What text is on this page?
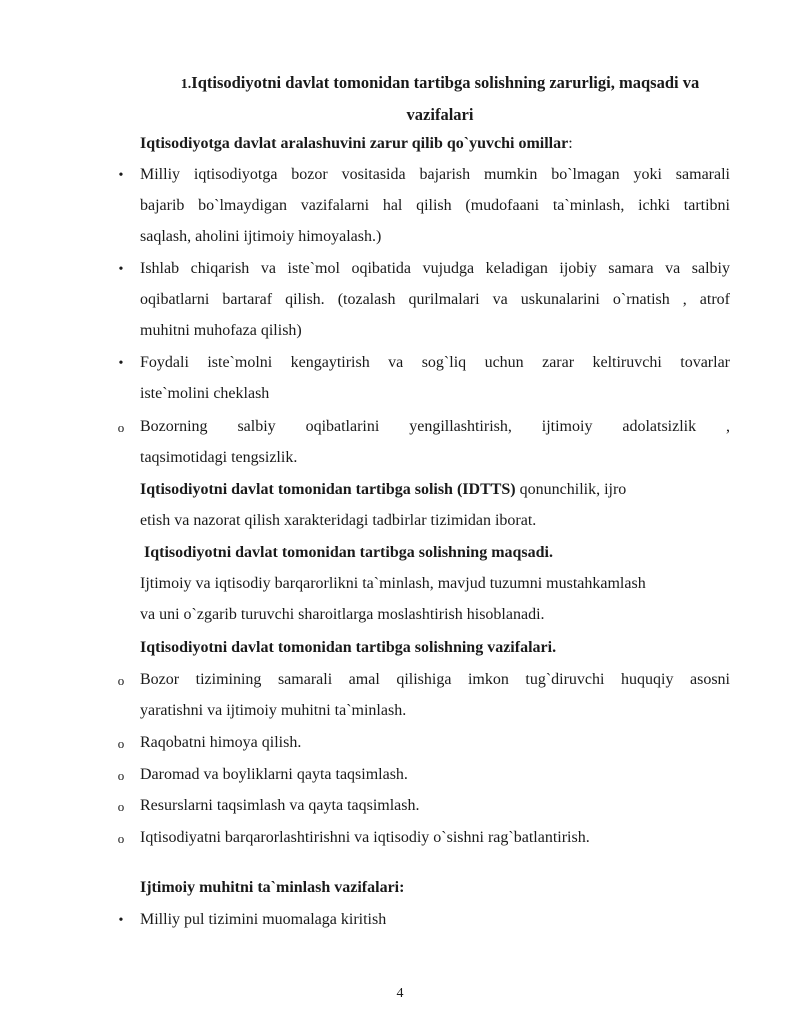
1.Iqtisodiyotni davlat tomonidan tartibga solishning zarurligi, maqsadi va
vazifalari
Iqtisodiyotga davlat aralashuvini zarur qilib qo`yuvchi omillar:
• Milliy iqtisodiyotga bozor vositasida bajarish mumkin bo`lmagan yoki samarali
bajarib bo`lmaydigan vazifalarni hal qilish (mudofaani ta`minlash, ichki tartibni
saqlash, aholini ijtimoiy himoyalash.)
• Ishlab chiqarish va iste`mol oqibatida vujudga keladigan ijobiy samara va salbiy
oqibatlarni bartaraf qilish. (tozalash qurilmalari va uskunalarini o`rnatish , atrof
muhitni muhofaza qilish)
• Foydali iste`molni kengaytirish va sog`liq uchun zarar keltiruvchi tovarlar
iste`molini cheklash
o Bozorning salbiy oqibatlarini yengillashtirish, ijtimoiy adolatsizlik ,
taqsimotidagi tengsizlik.
Iqtisodiyotni davlat tomonidan tartibga solish (IDTTS) qonunchilik, ijro
etish va nazorat qilish xarakteridagi tadbirlar tizimidan iborat.
Iqtisodiyotni davlat tomonidan tartibga solishning maqsadi.
Ijtimoiy va iqtisodiy barqarorlikni ta`minlash, mavjud tuzumni mustahkamlash
va uni o`zgarib turuvchi sharoitlarga moslashtirish hisoblanadi.
Iqtisodiyotni davlat tomonidan tartibga solishning vazifalari.
o Bozor tizimining samarali amal qilishiga imkon tug`diruvchi huquqiy asosni
yaratishni va ijtimoiy muhitni ta`minlash.
o Raqobatni himoya qilish.
o Daromad va boyliklarni qayta taqsimlash.
o Resurslarni taqsimlash va qayta taqsimlash.
o Iqtisodiyatni barqarorlashtirishni va iqtisodiy o`sishni rag`batlantirish.
Ijtimoiy muhitni ta`minlash vazifalari:
• Milliy pul tizimini muomalaga kiritish
4
